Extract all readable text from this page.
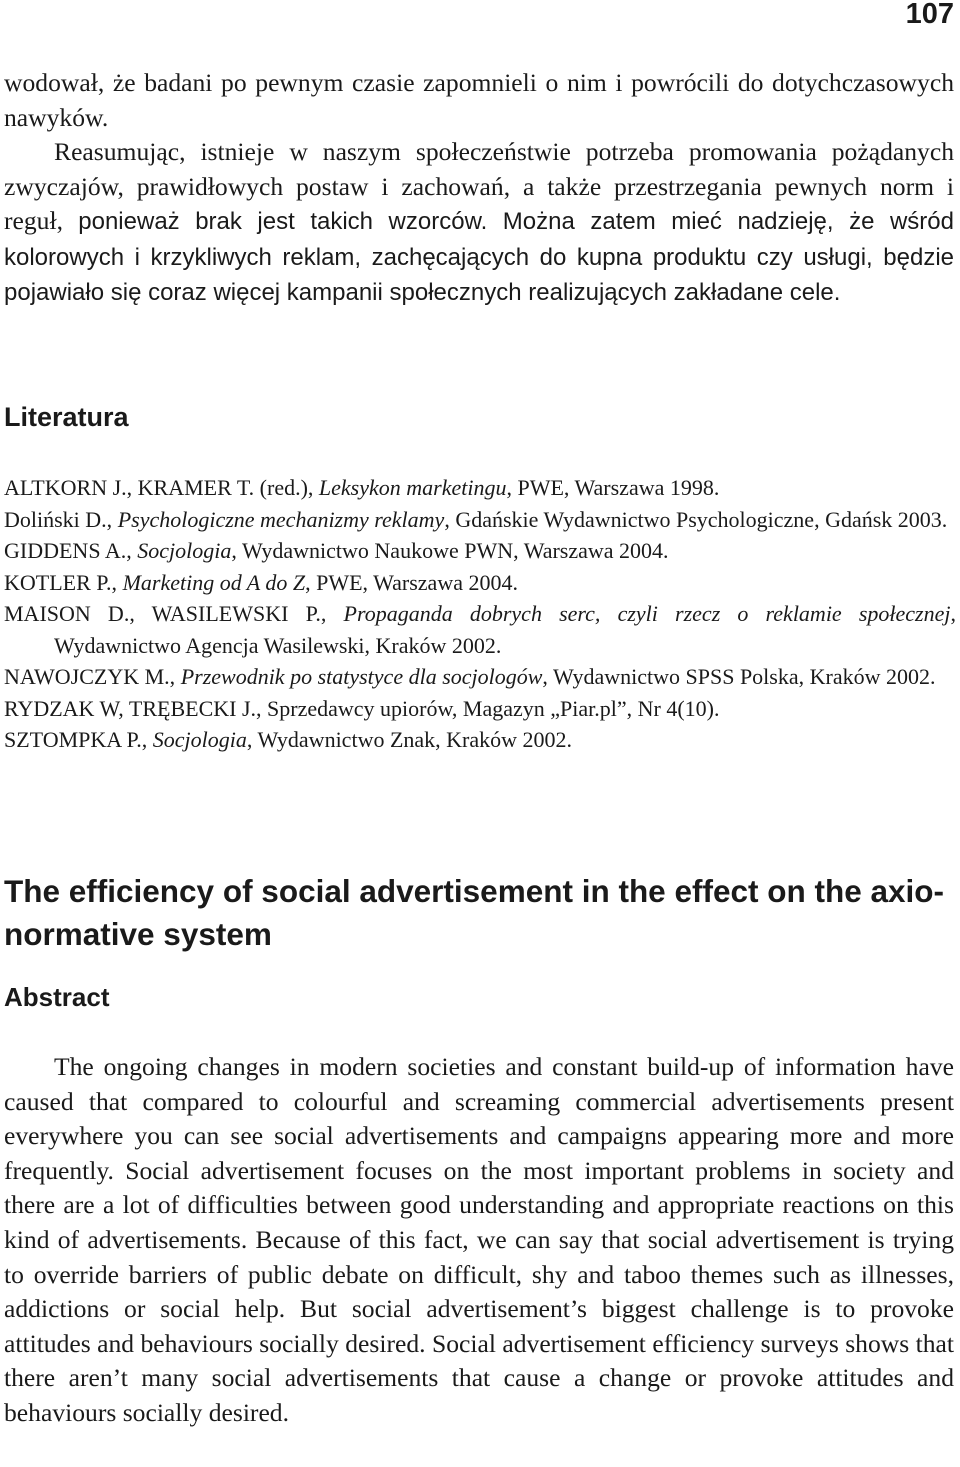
107

wodował, że badani po pewnym czasie zapomnieli o nim i powrócili do dotychczasowych nawyków.

Reasumując, istnieje w naszym społeczeństwie potrzeba promowania pożądanych zwyczajów, prawidłowych postaw i zachowań, a także przestrzegania pewnych norm i reguł, ponieważ brak jest takich wzorców. Można zatem mieć nadzieję, że wśród kolorowych i krzykliwych reklam, zachęcających do kupna produktu czy usługi, będzie pojawiało się coraz więcej kampanii społecznych realizujących zakładane cele.

Literatura
ALTKORN J., KRAMER T. (red.), Leksykon marketingu, PWE, Warszawa 1998.
Doliński D., Psychologiczne mechanizmy reklamy, Gdańskie Wydawnictwo Psychologiczne, Gdańsk 2003.
GIDDENS A., Socjologia, Wydawnictwo Naukowe PWN, Warszawa 2004.
KOTLER P., Marketing od A do Z, PWE, Warszawa 2004.
MAISON D., WASILEWSKI P., Propaganda dobrych serc, czyli rzecz o reklamie społecznej, Wydawnictwo Agencja Wasilewski, Kraków 2002.
NAWOJCZYK M., Przewodnik po statystyce dla socjologów, Wydawnictwo SPSS Polska, Kraków 2002.
RYDZAK W, TRĘBECKI J., Sprzedawcy upiorów, Magazyn „Piar.pl”, Nr 4(10).
SZTOMPKA P., Socjologia, Wydawnictwo Znak, Kraków 2002.
The efficiency of social advertisement in the effect on the axio-normative system
Abstract

The ongoing changes in modern societies and constant build-up of information have caused that compared to colourful and screaming commercial advertisements present everywhere you can see social advertisements and campaigns appearing more and more frequently. Social advertisement focuses on the most important problems in society and there are a lot of difficulties between good understanding and appropriate reactions on this kind of advertisements. Because of this fact, we can say that social advertisement is trying to override barriers of public debate on difficult, shy and taboo themes such as illnesses, addictions or social help. But social advertisement’s biggest challenge is to provoke attitudes and behaviours socially desired. Social advertisement efficiency surveys shows that there aren’t many social advertisements that cause a change or provoke attitudes and behaviours socially desired.
